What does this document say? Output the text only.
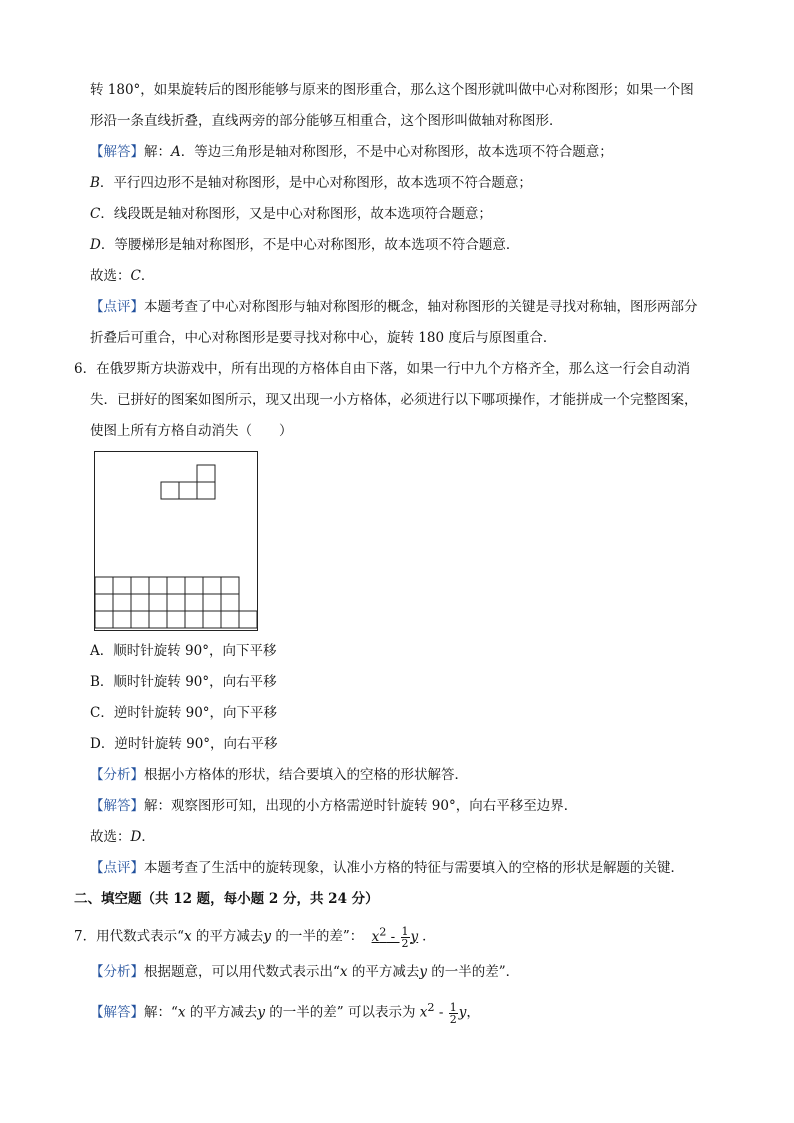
转 180°，如果旋转后的图形能够与原来的图形重合，那么这个图形就叫做中心对称图形；如果一个图
形沿一条直线折叠，直线两旁的部分能够互相重合，这个图形叫做轴对称图形．
【解答】解：A．等边三角形是轴对称图形，不是中心对称图形，故本选项不符合题意；
B．平行四边形不是轴对称图形，是中心对称图形，故本选项不符合题意；
C．线段既是轴对称图形，又是中心对称图形，故本选项符合题意；
D．等腰梯形是轴对称图形，不是中心对称图形，故本选项不符合题意．
故选：C．
【点评】本题考查了中心对称图形与轴对称图形的概念，轴对称图形的关键是寻找对称轴，图形两部分
折叠后可重合，中心对称图形是要寻找对称中心，旋转 180 度后与原图重合．
6．在俄罗斯方块游戏中，所有出现的方格体自由下落，如果一行中九个方格齐全，那么这一行会自动消
失．已拼好的图案如图所示，现又出现一小方格体，必须进行以下哪项操作，才能拼成一个完整图案，
使图上所有方格自动消失（　　）
A．顺时针旋转 90°，向下平移
B．顺时针旋转 90°，向右平移
C．逆时针旋转 90°，向下平移
D．逆时针旋转 90°，向右平移
【分析】根据小方格体的形状，结合要填入的空格的形状解答．
【解答】解：观察图形可知，出现的小方格需逆时针旋转 90°，向右平移至边界．
故选：D．
【点评】本题考查了生活中的旋转现象，认准小方格的特征与需要填入的空格的形状是解题的关键．
二、填空题（共 12 题，每小题 2 分，共 24 分）
7．用代数式表示“x 的平方减去y 的一半的差”： $x^2 - \frac{1}{2}$ y ．
【分析】根据题意，可以用代数式表示出“x 的平方减去y 的一半的差”．
【解答】解：“x 的平方减去y 的一半的差” 可以表示为 $x^2 - \frac{1}{2}$ y，
